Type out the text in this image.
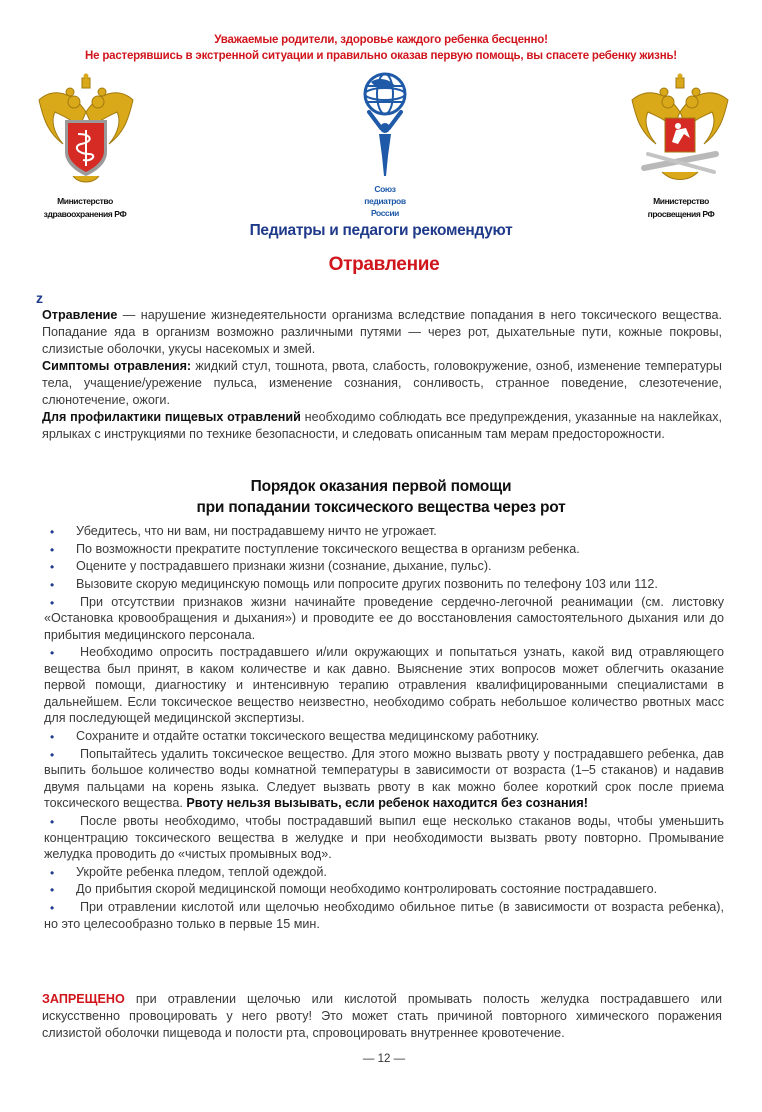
Уважаемые родители, здоровье каждого ребенка бесценно!
Не растерявшись в экстренной ситуации и правильно оказав первую помощь, вы спасете ребенку жизнь!
Министерство
здравоохранения РФ
Союз
педиатров
России
Министерство
просвещения РФ
Педиатры и педагоги рекомендуют
Отравление
z

Отравление — нарушение жизнедеятельности организма вследствие попадания в него токсического вещества. Попадание яда в организм возможно различными путями — через рот, дыхательные пути, кожные покровы, слизистые оболочки, укусы насекомых и змей.

Симптомы отравления: жидкий стул, тошнота, рвота, слабость, головокружение, озноб, изменение температуры тела, учащение/урежение пульса, изменение сознания, сонливость, странное поведение, слезотечение, слюнотечение, ожоги.

Для профилактики пищевых отравлений необходимо соблюдать все предупреждения, указанные на наклейках, ярлыках с инструкциями по технике безопасности, и следовать описанным там мерам предосторожности.

Порядок оказания первой помощи
при попадании токсического вещества через рот
•	Убедитесь, что ни вам, ни пострадавшему ничто не угрожает.
•	По возможности прекратите поступление токсического вещества в организм ребенка.
•	Оцените у пострадавшего признаки жизни (сознание, дыхание, пульс).
•	Вызовите скорую медицинскую помощь или попросите других позвонить по телефону 103 или 112.
•	При отсутствии признаков жизни начинайте проведение сердечно-легочной реанимации (см. листовку «Остановка кровообращения и дыхания») и проводите ее до восстановления самостоятельного дыхания или до прибытия медицинского персонала.
•	Необходимо опросить пострадавшего и/или окружающих и попытаться узнать, какой вид отравляющего вещества был принят, в каком количестве и как давно. Выяснение этих вопросов может облегчить оказание первой помощи, диагностику и интенсивную терапию отравления квалифицированными специалистами в дальнейшем. Если токсическое вещество неизвестно, необходимо собрать небольшое количество рвотных масс для последующей медицинской экспертизы.
•	Сохраните и отдайте остатки токсического вещества медицинскому работнику.
•	Попытайтесь удалить токсическое вещество. Для этого можно вызвать рвоту у пострадавшего ребенка, дав выпить большое количество воды комнатной температуры в зависимости от возраста (1–5 стаканов) и надавив двумя пальцами на корень языка. Следует вызвать рвоту в как можно более короткий срок после приема токсического вещества. Рвоту нельзя вызывать, если ребенок находится без сознания!
•	После рвоты необходимо, чтобы пострадавший выпил еще несколько стаканов воды, чтобы уменьшить концентрацию токсического вещества в желудке и при необходимости вызвать рвоту повторно. Промывание желудка проводить до «чистых промывных вод».
•	Укройте ребенка пледом, теплой одеждой.
•	До прибытия скорой медицинской помощи необходимо контролировать состояние пострадавшего.
•	При отравлении кислотой или щелочью необходимо обильное питье (в зависимости от возраста ребенка), но это целесообразно только в первые 15 мин.
ЗАПРЕЩЕНО при отравлении щелочью или кислотой промывать полость желудка пострадавшего или искусственно провоцировать у него рвоту! Это может стать причиной повторного химического поражения слизистой оболочки пищевода и полости рта, спровоцировать внутреннее кровотечение.
— 12 —
